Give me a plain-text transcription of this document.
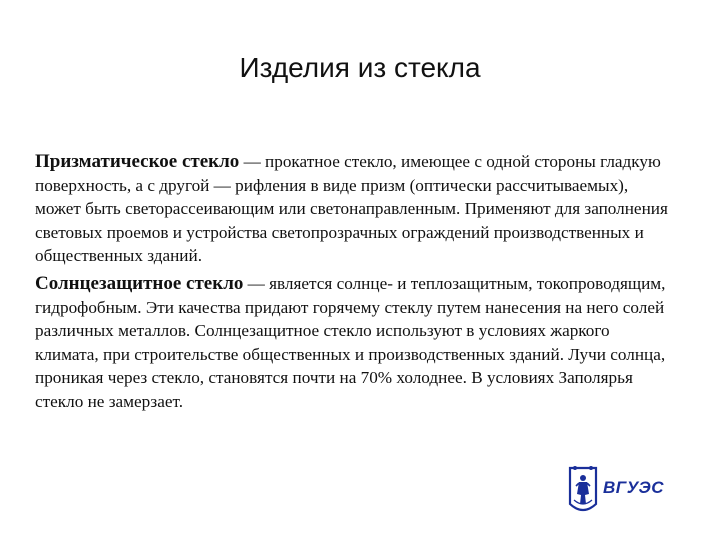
Изделия из стекла

Призматическое стекло — прокатное стекло, имеющее с одной стороны гладкую поверхность, а с другой — рифления в виде призм (оптически рассчитываемых), может быть светорассеивающим или светонаправленным. Применяют для заполнения световых проемов и устройства светопрозрачных ограждений производственных и общественных зданий.

Солнцезащитное стекло — является солнце- и теплозащитным, токопроводящим, гидрофобным. Эти качества придают горячему стеклу путем нанесения на него солей различных металлов. Солнцезащитное стекло используют в условиях жаркого климата, при строительстве общественных и производственных зданий. Лучи солнца, проникая через стекло, становятся почти на 70% холоднее. В условиях Заполярья стекло не замерзает.

ВГУЭС
